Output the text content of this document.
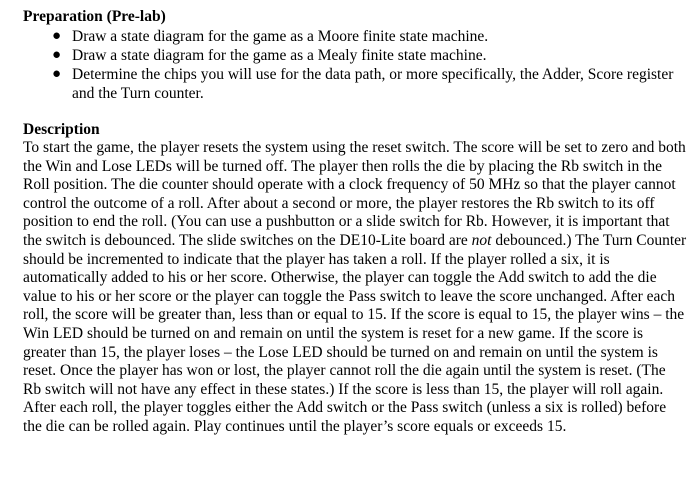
Preparation (Pre-lab)
● Draw a state diagram for the game as a Moore finite state machine.
● Draw a state diagram for the game as a Mealy finite state machine.
● Determine the chips you will use for the data path, or more specifically, the Adder, Score register and the Turn counter.
Description

To start the game, the player resets the system using the reset switch. The score will be set to zero and both the Win and Lose LEDs will be turned off. The player then rolls the die by placing the Rb switch in the Roll position. The die counter should operate with a clock frequency of 50 MHz so that the player cannot control the outcome of a roll. After about a second or more, the player restores the Rb switch to its off position to end the roll. (You can use a pushbutton or a slide switch for Rb. However, it is important that the switch is debounced. The slide switches on the DE10-Lite board are not debounced.) The Turn Counter should be incremented to indicate that the player has taken a roll. If the player rolled a six, it is automatically added to his or her score. Otherwise, the player can toggle the Add switch to add the die value to his or her score or the player can toggle the Pass switch to leave the score unchanged. After each roll, the score will be greater than, less than or equal to 15. If the score is equal to 15, the player wins – the Win LED should be turned on and remain on until the system is reset for a new game. If the score is greater than 15, the player loses – the Lose LED should be turned on and remain on until the system is reset. Once the player has won or lost, the player cannot roll the die again until the system is reset. (The Rb switch will not have any effect in these states.) If the score is less than 15, the player will roll again. After each roll, the player toggles either the Add switch or the Pass switch (unless a six is rolled) before the die can be rolled again. Play continues until the player’s score equals or exceeds 15.
